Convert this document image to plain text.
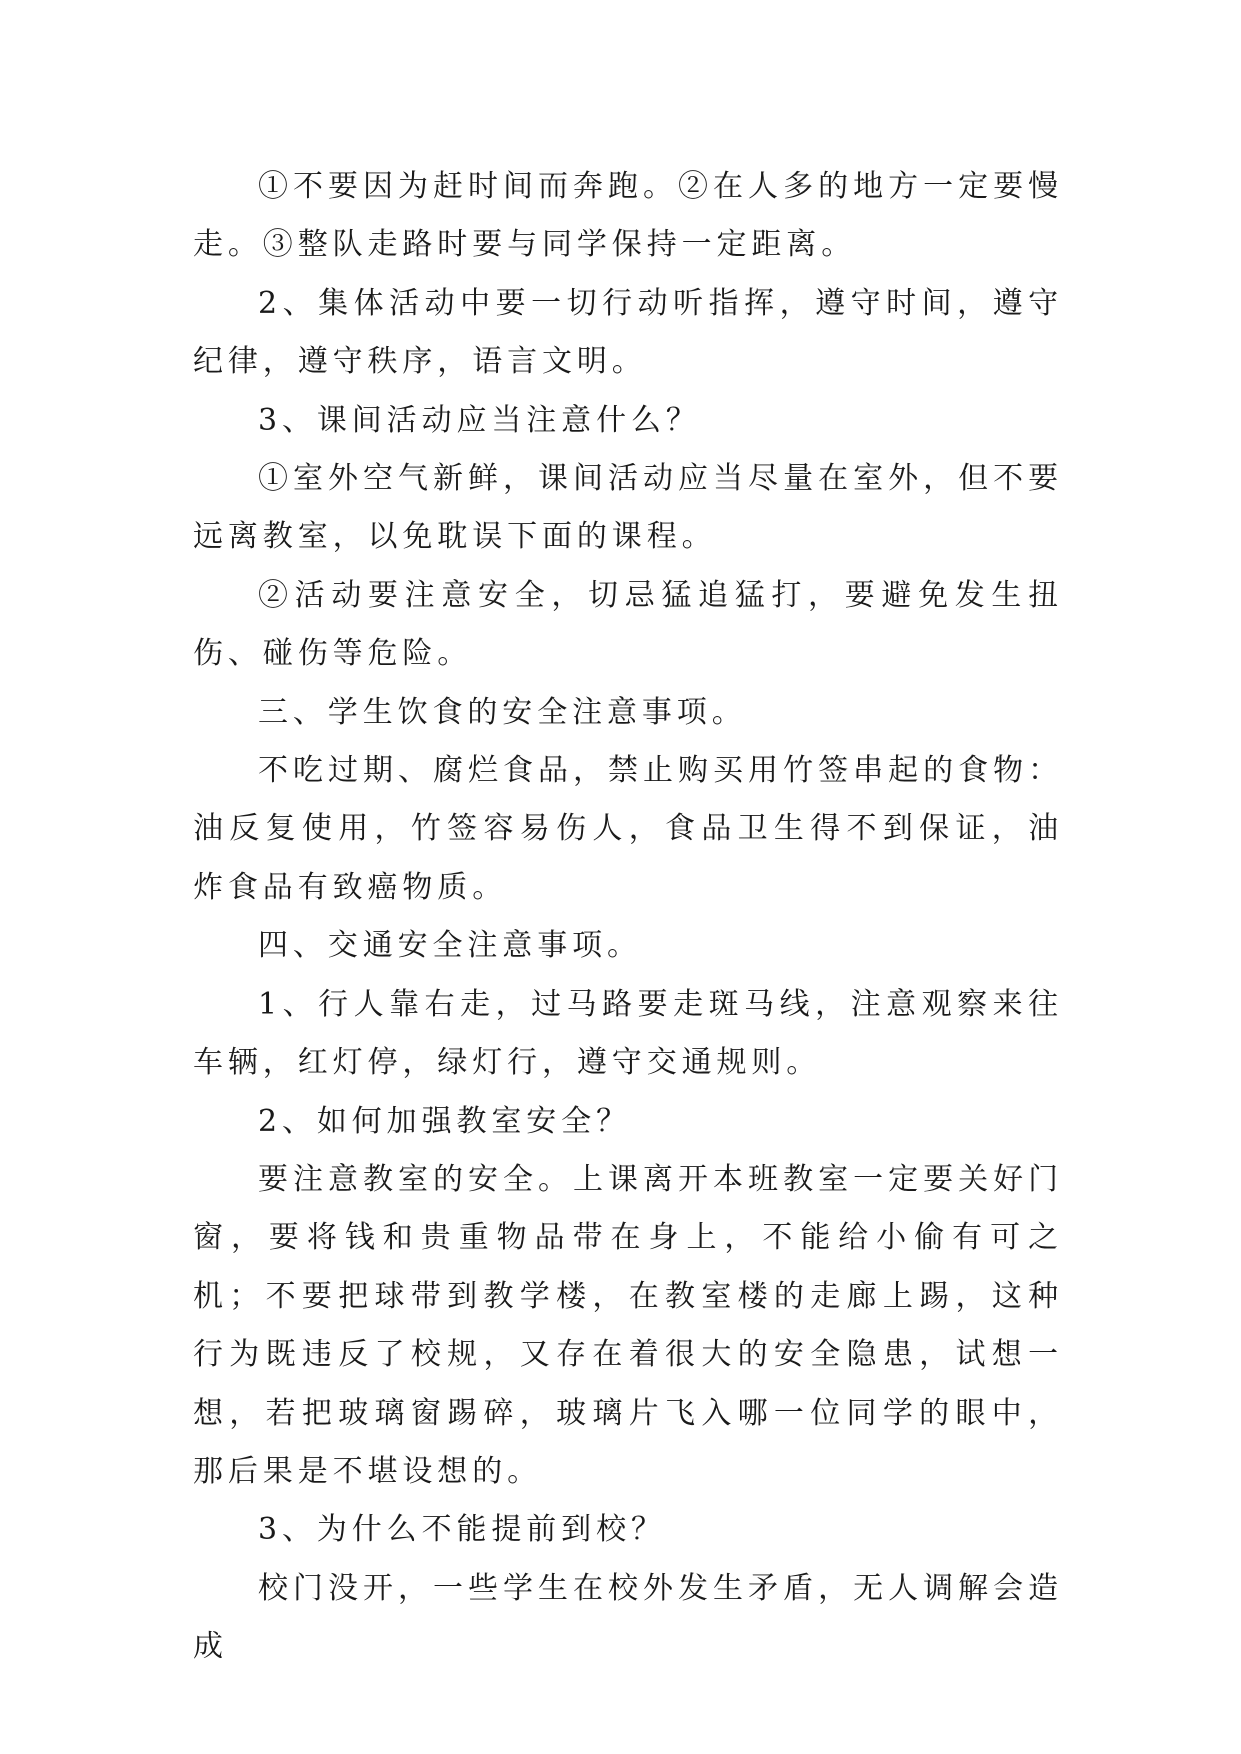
①不要因为赶时间而奔跑。②在人多的地方一定要慢走。③整队走路时要与同学保持一定距离。

2、集体活动中要一切行动听指挥，遵守时间，遵守纪律，遵守秩序，语言文明。

3、课间活动应当注意什么？

①室外空气新鲜，课间活动应当尽量在室外，但不要远离教室，以免耽误下面的课程。

②活动要注意安全，切忌猛追猛打，要避免发生扭伤、碰伤等危险。

三、学生饮食的安全注意事项。

不吃过期、腐烂食品，禁止购买用竹签串起的食物：油反复使用，竹签容易伤人，食品卫生得不到保证，油炸食品有致癌物质。

四、交通安全注意事项。

1、行人靠右走，过马路要走斑马线，注意观察来往车辆，红灯停，绿灯行，遵守交通规则。

2、如何加强教室安全？

要注意教室的安全。上课离开本班教室一定要关好门窗，要将钱和贵重物品带在身上，不能给小偷有可之机；不要把球带到教学楼，在教室楼的走廊上踢，这种行为既违反了校规，又存在着很大的安全隐患，试想一想，若把玻璃窗踢碎，玻璃片飞入哪一位同学的眼中，那后果是不堪设想的。

3、为什么不能提前到校？

校门没开，一些学生在校外发生矛盾，无人调解会造成
